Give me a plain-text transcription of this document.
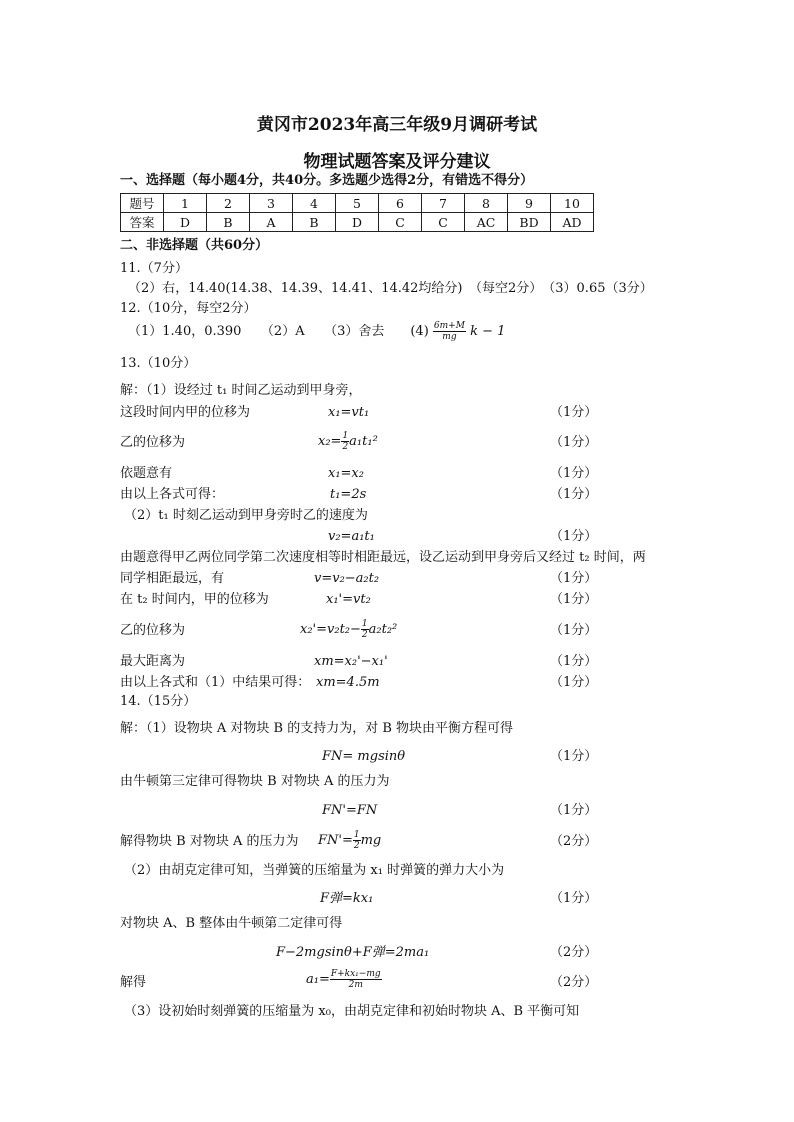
黄冈市2023年高三年级9月调研考试
物理试题答案及评分建议
一、选择题（每小题4分，共40分。多选题少选得2分，有错选不得分）
题号	1	2	3	4	5	6	7	8	9	10
答案	D	B	A	B	D	C	C	AC	BD	AD
二、非选择题（共60分）
11.（7分）
（2）右，14.40(14.38、14.39、14.41、14.42均给分)　（每空2分）　（3）0.65（3分）
12.（10分，每空2分）
（1）1.40，0.390　　（2）A　　（3）舍去　　$(4) \frac{6m+M}{mg}$ k − 1
13.（10分）
解：（1）设经过 t₁ 时间乙运动到甲身旁，
这段时间内甲的位移为	x₁=vt₁	（1分）
乙的位移为	$x_2= \frac{1}{2} a_1t_1^2$	（1分）
依题意有	x₁=x₂	（1分）
由以上各式可得：	t₁=2s	（1分）
（2）t₁ 时刻乙运动到甲身旁时乙的速度为
v₂=a₁t₁	（1分）
由题意得甲乙两位同学第二次速度相等时相距最远，设乙运动到甲身旁后又经过 t₂ 时间，两
同学相距最远，有	v=v₂−a₂t₂	（1分）
在 t₂ 时间内，甲的位移为	x₁'=vt₂	（1分）
乙的位移为	$x_2'=v_2t_2- \frac{1}{2} a_2t_2^2$	（1分）
最大距离为	xm=x₂'−x₁'	（1分）
由以上各式和（1）中结果可得： xm=4.5m	（1分）
14.（15分）
解：（1）设物块 A 对物块 B 的支持力为，对 B 物块由平衡方程可得
FN= mgsinθ	（1分）
由牛顿第三定律可得物块 B 对物块 A 的压力为
FN'=FN	（1分）
解得物块 B 对物块 A 的压力为 $FN'= \frac{1}{2}$ mg	（2分）
（2）由胡克定律可知，当弹簧的压缩量为 x₁ 时弹簧的弹力大小为
F弹=kx₁	（1分）
对物块 A、B 整体由牛顿第二定律可得
F−2mgsinθ+F弹=2ma₁	（2分）
解得	$a_1= \frac{\text{F+kx₁−mg}}{2m}$	（2分）
（3）设初始时刻弹簧的压缩量为 x₀，由胡克定律和初始时物块 A、B 平衡可知
